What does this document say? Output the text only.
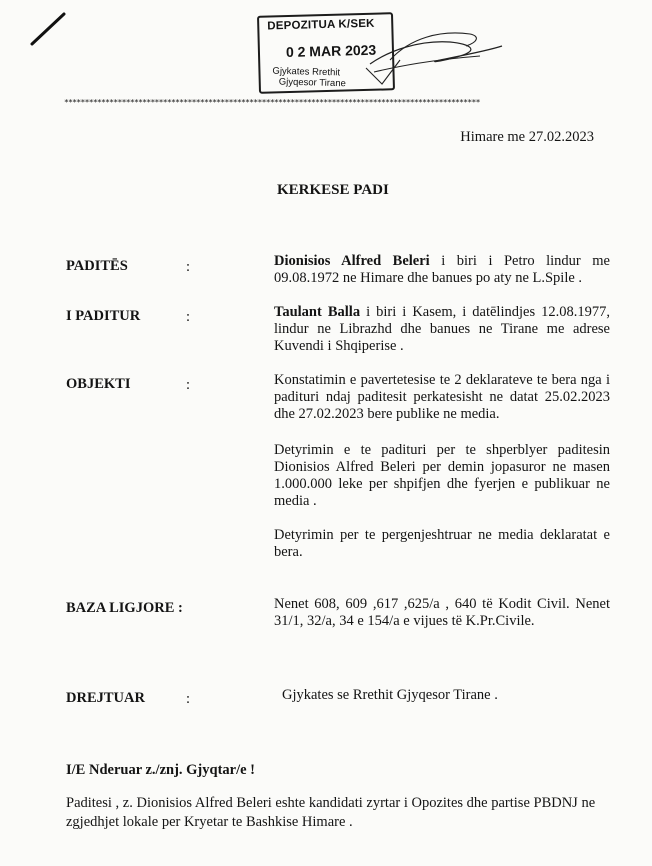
DEPOZITUA K/SEK
0 2 MAR 2023
Gjykates Rrethit
Gjyqesor Tirane
*****************************************************************************************************
Himare me 27.02.2023
KERKESE PADI
PADITĒS	:	Dionisios Alfred Beleri i biri i Petro lindur me 09.08.1972 ne Himare dhe banues po aty ne L.Spile .
I PADITUR	:	Taulant Balla i biri i Kasem, i datēlindjes 12.08.1977, lindur ne Librazhd dhe banues ne Tirane me adrese Kuvendi i Shqiperise .
OBJEKTI	:	Konstatimin e pavertetesise te 2 deklarateve te bera nga i padituri ndaj paditesit perkatesisht ne datat 25.02.2023 dhe 27.02.2023 bere publike ne media.
Detyrimin e te padituri per te shperblyer paditesin Dionisios Alfred Beleri per demin jopasuror ne masen 1.000.000 leke per shpifjen dhe fyerjen e publikuar ne media .
Detyrimin per te pergenjeshtruar ne media deklaratat e bera.
BAZA LIGJORE :	Nenet 608, 609 ,617 ,625/a , 640 të Kodit Civil. Nenet 31/1, 32/a, 34 e 154/a e vijues të K.Pr.Civile.
DREJTUAR	:	Gjykates se Rrethit Gjyqesor Tirane .
I/E Nderuar z./znj. Gjyqtar/e !
Paditesi , z. Dionisios Alfred Beleri eshte kandidati zyrtar i Opozites dhe partise PBDNJ ne zgjedhjet lokale per Kryetar te Bashkise Himare .
